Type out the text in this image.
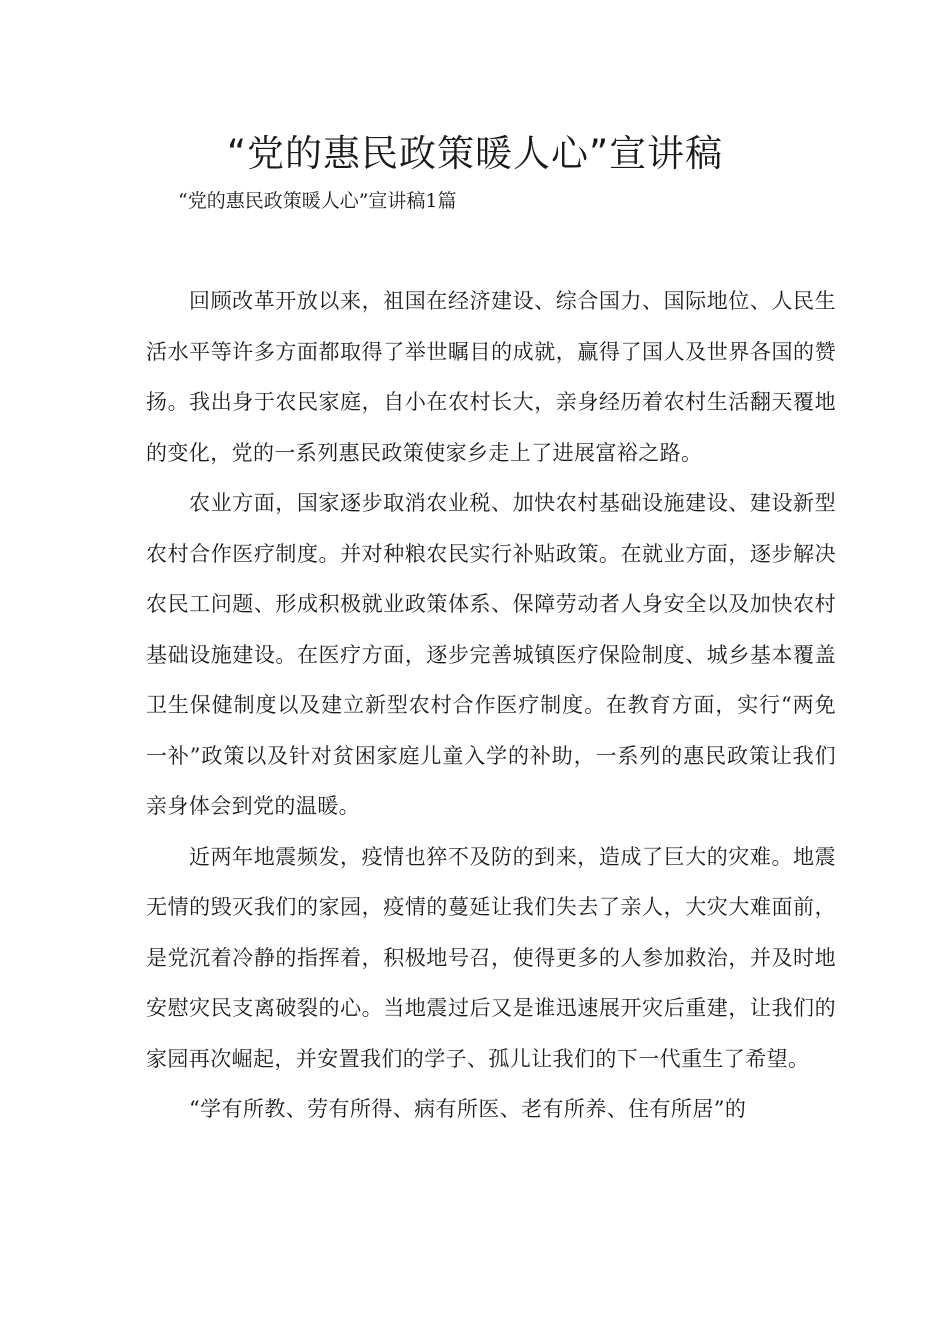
“党的惠民政策暖人心”宣讲稿

“党的惠民政策暖人心”宣讲稿1篇

回顾改革开放以来，祖国在经济建设、综合国力、国际地位、人民生活水平等许多方面都取得了举世瞩目的成就，赢得了国人及世界各国的赞扬。我出身于农民家庭，自小在农村长大，亲身经历着农村生活翻天覆地的变化，党的一系列惠民政策使家乡走上了进展富裕之路。

农业方面，国家逐步取消农业税、加快农村基础设施建设、建设新型农村合作医疗制度。并对种粮农民实行补贴政策。在就业方面，逐步解决农民工问题、形成积极就业政策体系、保障劳动者人身安全以及加快农村基础设施建设。在医疗方面，逐步完善城镇医疗保险制度、城乡基本覆盖卫生保健制度以及建立新型农村合作医疗制度。在教育方面，实行“两免一补”政策以及针对贫困家庭儿童入学的补助，一系列的惠民政策让我们亲身体会到党的温暖。

近两年地震频发，疫情也猝不及防的到来，造成了巨大的灾难。地震无情的毁灭我们的家园，疫情的蔓延让我们失去了亲人，大灾大难面前，是党沉着冷静的指挥着，积极地号召，使得更多的人参加救治，并及时地安慰灾民支离破裂的心。当地震过后又是谁迅速展开灾后重建，让我们的家园再次崛起，并安置我们的学子、孤儿让我们的下一代重生了希望。

“学有所教、劳有所得、病有所医、老有所养、住有所居”的
